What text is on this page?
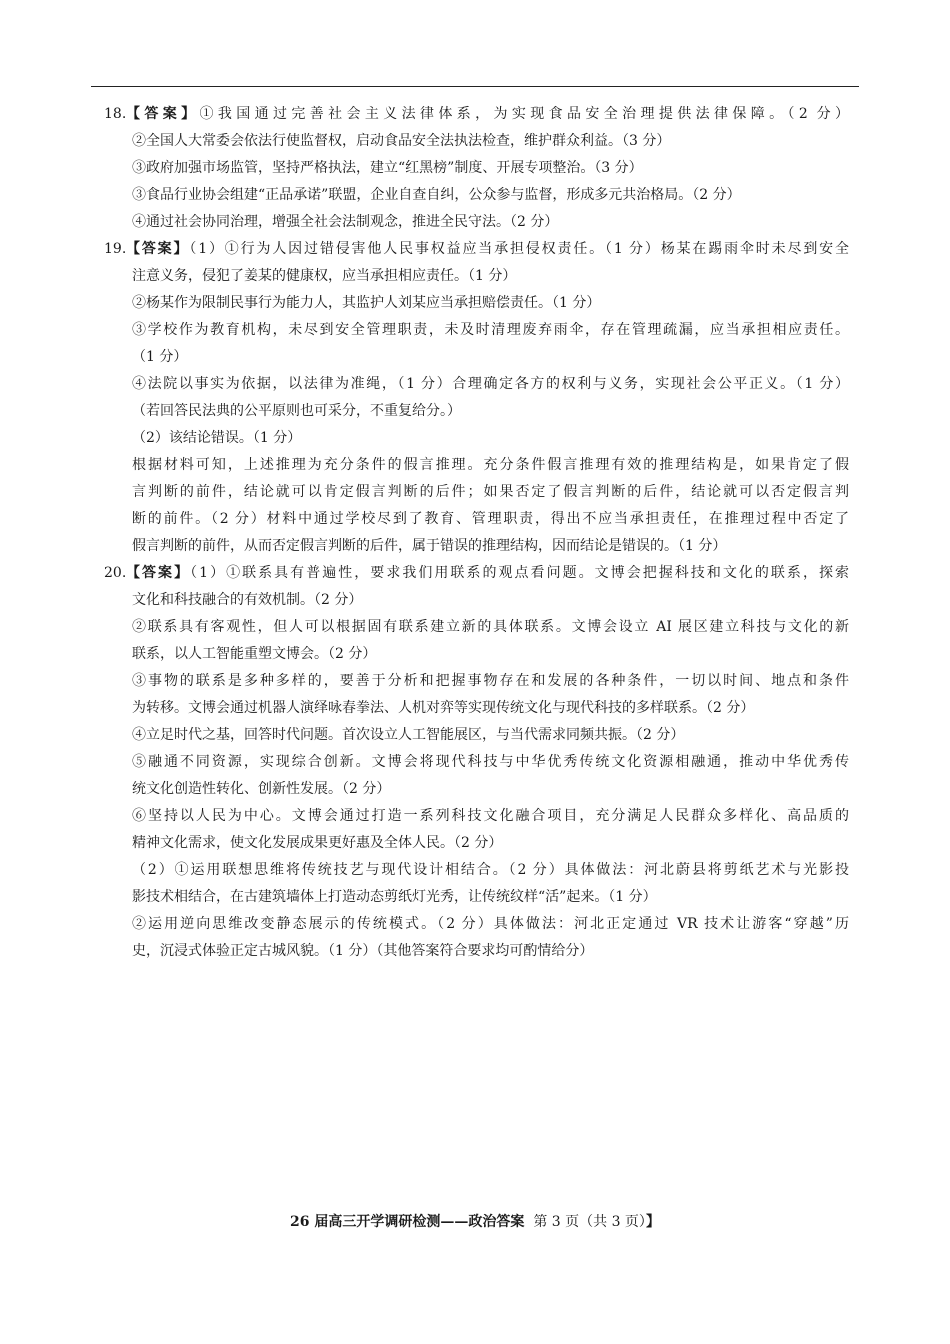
18. 【答案】①我国通过完善社会主义法律体系，为实现食品安全治理提供法律保障。（2 分）
②全国人大常委会依法行使监督权，启动食品安全法执法检查，维护群众利益。（3 分）
③政府加强市场监管，坚持严格执法，建立“红黑榜”制度、开展专项整治。（3 分）
③食品行业协会组建“正品承诺”联盟，企业自查自纠，公众参与监督，形成多元共治格局。（2 分）
④通过社会协同治理，增强全社会法制观念，推进全民守法。（2 分）
19. 【答案】（1）①行为人因过错侵害他人民事权益应当承担侵权责任。（1 分）杨某在踢雨伞时未尽到安全
注意义务，侵犯了姜某的健康权，应当承担相应责任。（1 分）
②杨某作为限制民事行为能力人，其监护人刘某应当承担赔偿责任。（1 分）
③学校作为教育机构，未尽到安全管理职责，未及时清理废弃雨伞，存在管理疏漏，应当承担相应责任。
（1 分）
④法院以事实为依据，以法律为准绳，（1 分）合理确定各方的权利与义务，实现社会公平正义。（1 分）
（若回答民法典的公平原则也可采分，不重复给分。）
（2）该结论错误。（1 分）
根据材料可知，上述推理为充分条件的假言推理。充分条件假言推理有效的推理结构是，如果肯定了假
言判断的前件，结论就可以肯定假言判断的后件；如果否定了假言判断的后件，结论就可以否定假言判
断的前件。（2 分）材料中通过学校尽到了教育、管理职责，得出不应当承担责任，在推理过程中否定了
假言判断的前件，从而否定假言判断的后件，属于错误的推理结构，因而结论是错误的。（1 分）
20. 【答案】（1）①联系具有普遍性，要求我们用联系的观点看问题。文博会把握科技和文化的联系，探索
文化和科技融合的有效机制。（2 分）
②联系具有客观性，但人可以根据固有联系建立新的具体联系。文博会设立 AI 展区建立科技与文化的新
联系，以人工智能重塑文博会。（2 分）
③事物的联系是多种多样的，要善于分析和把握事物存在和发展的各种条件，一切以时间、地点和条件
为转移。文博会通过机器人演绎咏春拳法、人机对弈等实现传统文化与现代科技的多样联系。（2 分）
④立足时代之基，回答时代问题。首次设立人工智能展区，与当代需求同频共振。（2 分）
⑤融通不同资源，实现综合创新。文博会将现代科技与中华优秀传统文化资源相融通，推动中华优秀传
统文化创造性转化、创新性发展。（2 分）
⑥坚持以人民为中心。文博会通过打造一系列科技文化融合项目，充分满足人民群众多样化、高品质的
精神文化需求，使文化发展成果更好惠及全体人民。（2 分）
（2）①运用联想思维将传统技艺与现代设计相结合。（2 分）具体做法：河北蔚县将剪纸艺术与光影投
影技术相结合，在古建筑墙体上打造动态剪纸灯光秀，让传统纹样“活”起来。（1 分）
②运用逆向思维改变静态展示的传统模式。（2 分）具体做法：河北正定通过 VR 技术让游客“穿越”历
史，沉浸式体验正定古城风貌。（1 分）（其他答案符合要求均可酌情给分）
26 届高三开学调研检测——政治答案 第 3 页（共 3 页）】
